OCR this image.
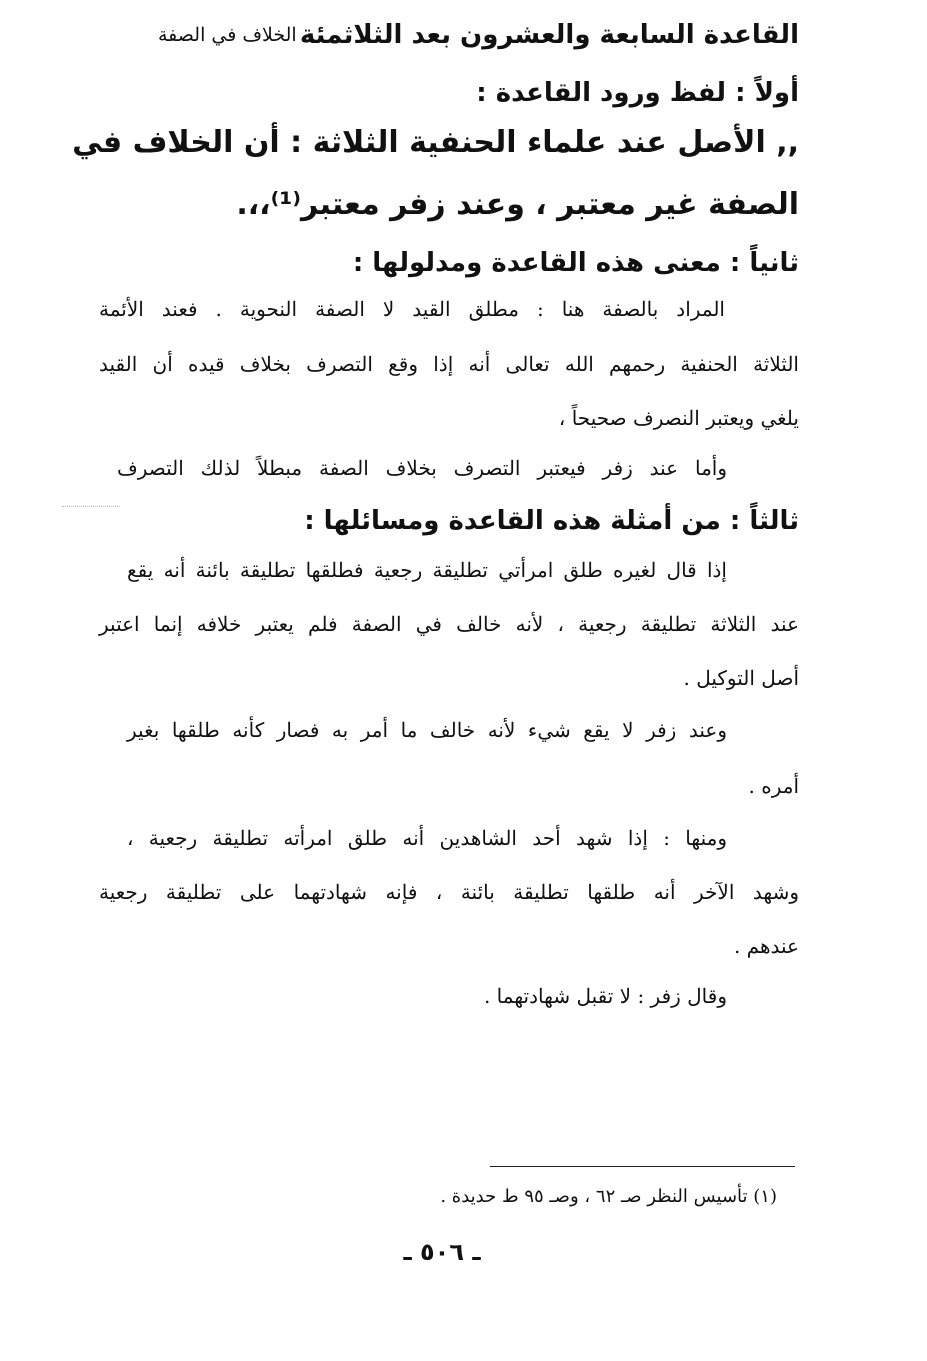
القاعدة السابعة والعشرون بعد الثلاثمئة
الخلاف في الصفة
أولاً : لفظ ورود القاعدة :
,, الأصل عند علماء الحنفية الثلاثة : أن الخلاف في
الصفة غير معتبر ، وعند زفر معتبر⁽¹⁾،،.
ثانياً : معنى هذه القاعدة ومدلولها :
المراد بالصفة هنا : مطلق القيد لا الصفة النحوية . فعند الأئمة
الثلاثة الحنفية رحمهم الله تعالى أنه إذا وقع التصرف بخلاف قيده أن القيد
يلغي ويعتبر النصرف صحيحاً ،
وأما عند زفر فيعتبر التصرف بخلاف الصفة مبطلاً لذلك التصرف
ثالثاً : من أمثلة هذه القاعدة ومسائلها :
إذا قال لغيره طلق امرأتي تطليقة رجعية فطلقها تطليقة بائنة أنه يقع
عند الثلاثة تطليقة رجعية ، لأنه خالف في الصفة فلم يعتبر خلافه إنما اعتبر
أصل التوكيل .
وعند زفر لا يقع شيء لأنه خالف ما أمر به فصار كأنه طلقها بغير
أمره .
ومنها : إذا شهد أحد الشاهدين أنه طلق امرأته تطليقة رجعية ،
وشهد الآخر أنه طلقها تطليقة بائنة ، فإنه شهادتهما على تطليقة رجعية
عندهم .
وقال زفر : لا تقبل شهادتهما .
(١) تأسيس النظر صـ ٦٢ ، وصـ ٩٥ ط حديدة .
ـ ٥٠٦ ـ
